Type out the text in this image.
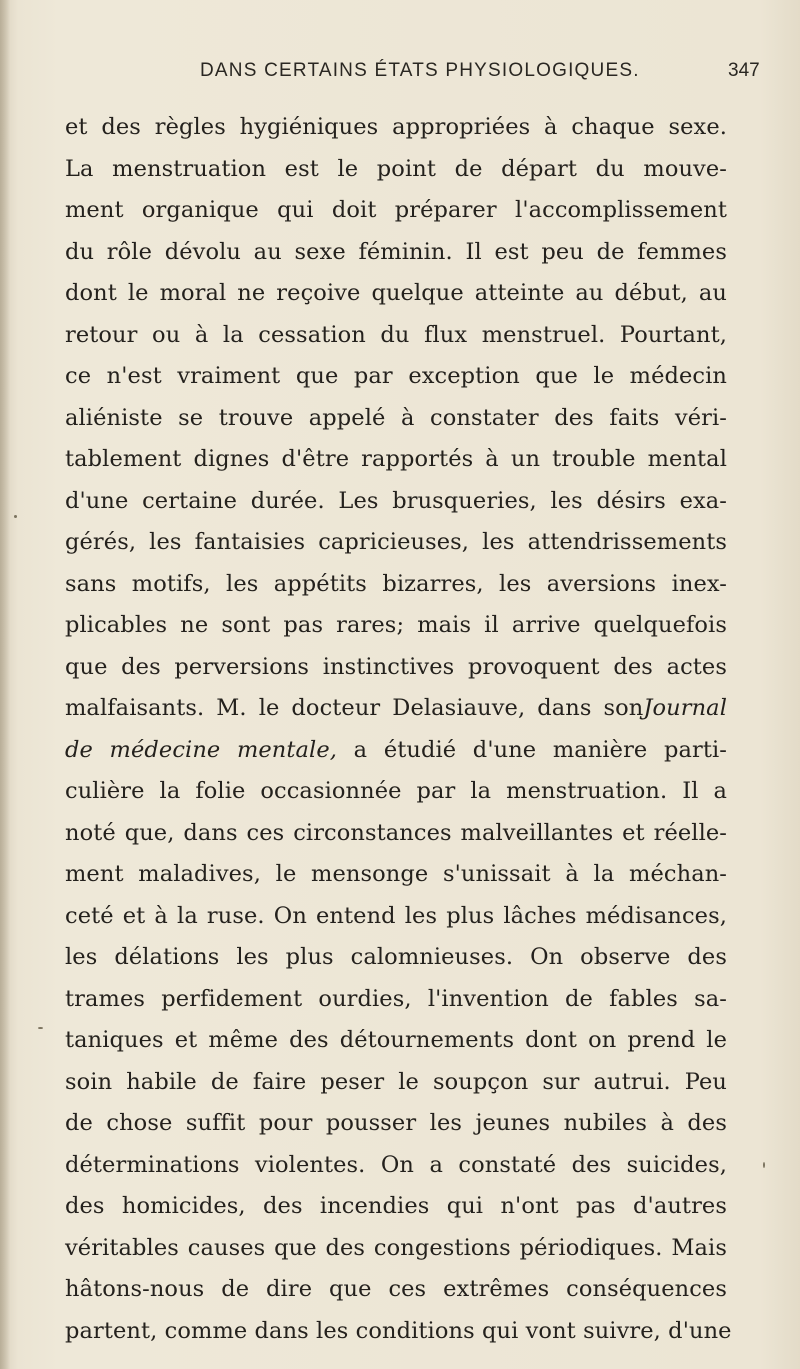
DANS CERTAINS ÉTATS PHYSIOLOGIQUES.	347
et des règles hygiéniques appropriées à chaque sexe.
La menstruation est le point de départ du mouve-
ment organique qui doit préparer l'accomplissement
du rôle dévolu au sexe féminin. Il est peu de femmes
dont le moral ne reçoive quelque atteinte au début, au
retour ou à la cessation du flux menstruel. Pourtant,
ce n'est vraiment que par exception que le médecin
aliéniste se trouve appelé à constater des faits véri-
tablement dignes d'être rapportés à un trouble mental
d'une certaine durée. Les brusqueries, les désirs exa-
gérés, les fantaisies capricieuses, les attendrissements
sans motifs, les appétits bizarres, les aversions inex-
plicables ne sont pas rares; mais il arrive quelquefois
que des perversions instinctives provoquent des actes
malfaisants. M. le docteur Delasiauve, dans sonJournal
de médecine mentale, a étudié d'une manière parti-
culière la folie occasionnée par la menstruation. Il a
noté que, dans ces circonstances malveillantes et réelle-
ment maladives, le mensonge s'unissait à la méchan-
ceté et à la ruse. On entend les plus lâches médisances,
les délations les plus calomnieuses. On observe des
trames perfidement ourdies, l'invention de fables sa-
taniques et même des détournements dont on prend le
soin habile de faire peser le soupçon sur autrui. Peu
de chose suffit pour pousser les jeunes nubiles à des
déterminations violentes. On a constaté des suicides,
des homicides, des incendies qui n'ont pas d'autres
véritables causes que des congestions périodiques. Mais
hâtons-nous de dire que ces extrêmes conséquences
partent, comme dans les conditions qui vont suivre, d'une
